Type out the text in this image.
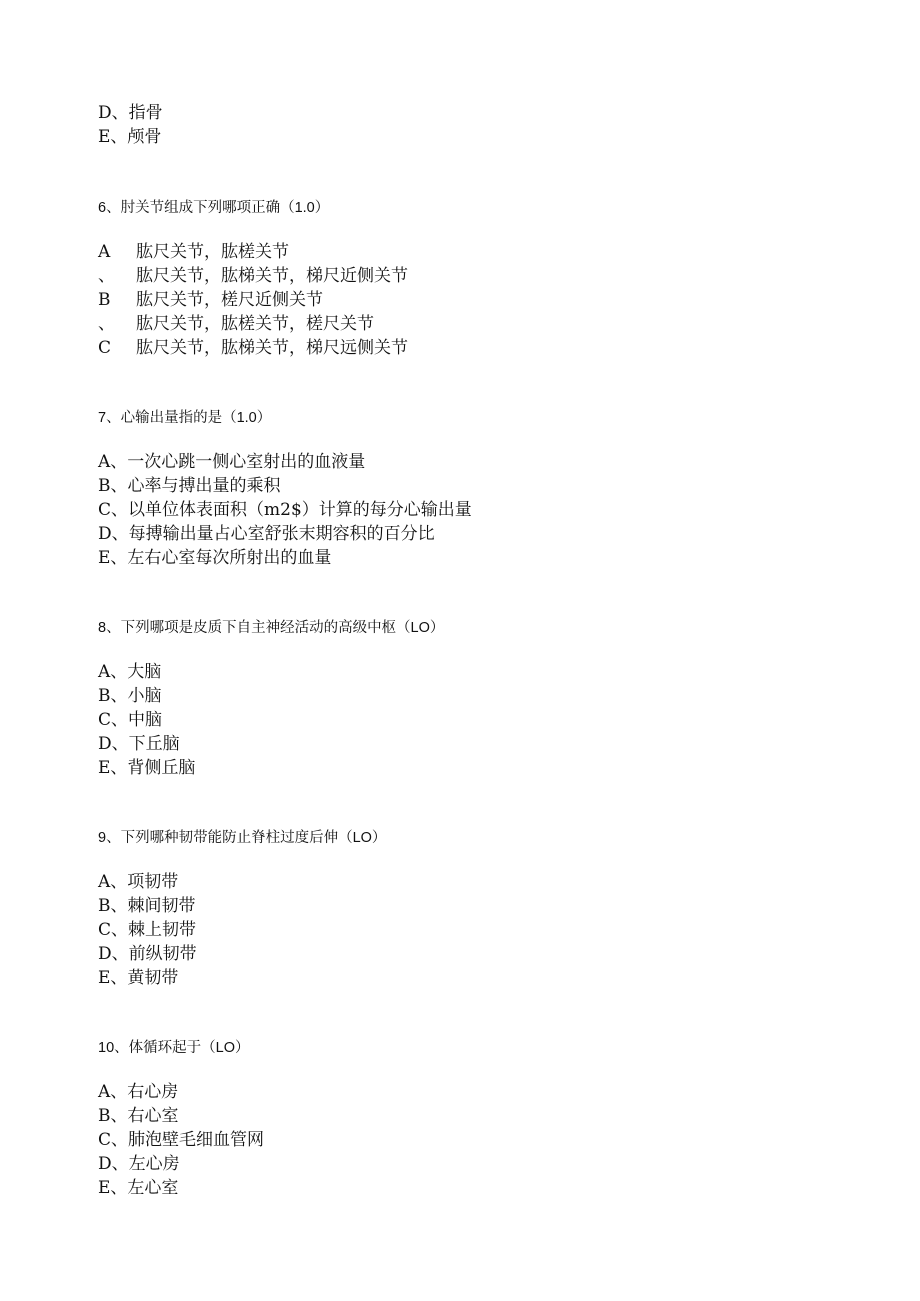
D、指骨
E、颅骨
6、肘关节组成下列哪项正确（1.0）
A 肱尺关节，肱槎关节
、 肱尺关节，肱梯关节，梯尺近侧关节
B 肱尺关节，槎尺近侧关节
、 肱尺关节，肱槎关节，槎尺关节
C 肱尺关节，肱梯关节，梯尺远侧关节
7、心输出量指的是（1.0）
A、一次心跳一侧心室射出的血液量
B、心率与搏出量的乘积
C、以单位体表面积（m2$）计算的每分心输出量
D、每搏输出量占心室舒张末期容积的百分比
E、左右心室每次所射出的血量
8、下列哪项是皮质下自主神经活动的高级中枢（LO）
A、大脑
B、小脑
C、中脑
D、下丘脑
E、背侧丘脑
9、下列哪种韧带能防止脊柱过度后伸（LO）
A、项韧带
B、棘间韧带
C、棘上韧带
D、前纵韧带
E、黄韧带
10、体循环起于（LO）
A、右心房
B、右心室
C、肺泡壁毛细血管网
D、左心房
E、左心室
